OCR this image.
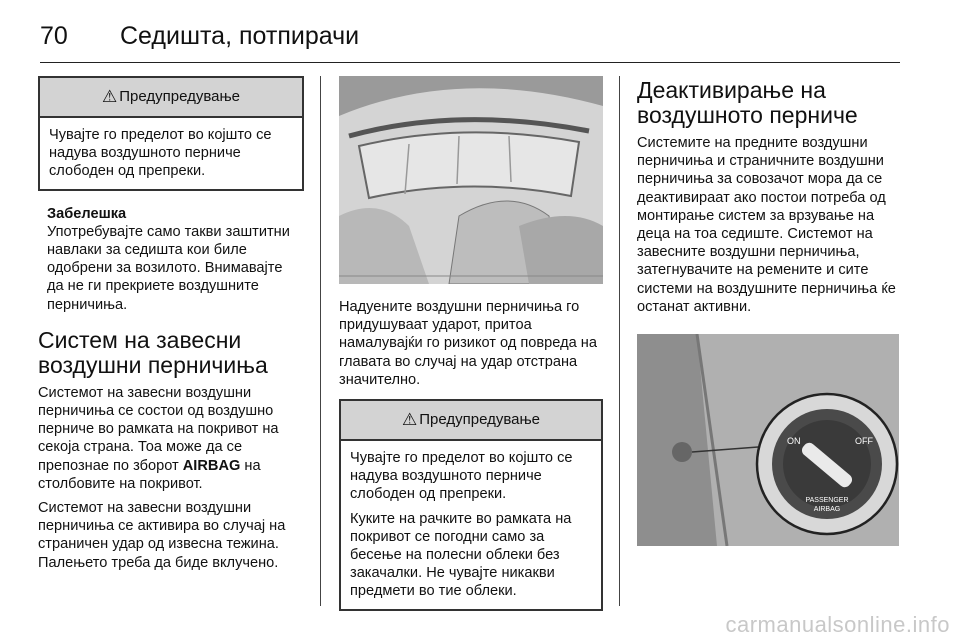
70 Седишта, потпирачи
⚠ Предупредување

Чувајте го пределот во којшто се надува воздушното перниче слободен од препреки.

Забелешка

Употребувајте само такви заштитни навлаки за седишта кои биле одобрени за возилото. Внимавајте да не ги прекриете воздушните перничиња.

Систем на завесни воздушни перничиња

Системот на завесни воздушни перничиња се состои од воздушно перниче во рамката на покривот на секоја страна. Тоа може да се препознае по зборот AIRBAG на столбовите на покривот.

Системот на завесни воздушни перничиња се активира во случај на страничен удар од извесна тежина. Палењето треба да биде вклучено.

Надуените воздушни перничиња го придушуваат ударот, притоа намалувајќи го ризикот од повреда на главата во случај на удар отстрана значително.

⚠ Предупредување

Чувајте го пределот во којшто се надува воздушното перниче слободен од препреки.

Куките на рачките во рамката на покривот се погодни само за бесење на полесни облеки без закачалки. Не чувајте никакви предмети во тие облеки.

Деактивирање на воздушното перниче

Системите на предните воздушни перничиња и страничните воздушни перничиња за совозачот мора да се деактивираат ако постои потреба од монтирање систем за врзување на деца на тоа седиште. Системот на завесните воздушни перничиња, затегнувачите на ремените и сите системи на воздушните перничиња ќе останат активни.

ON	OFF
PASSENGER
AIRBAG
carmanualsonline.info
